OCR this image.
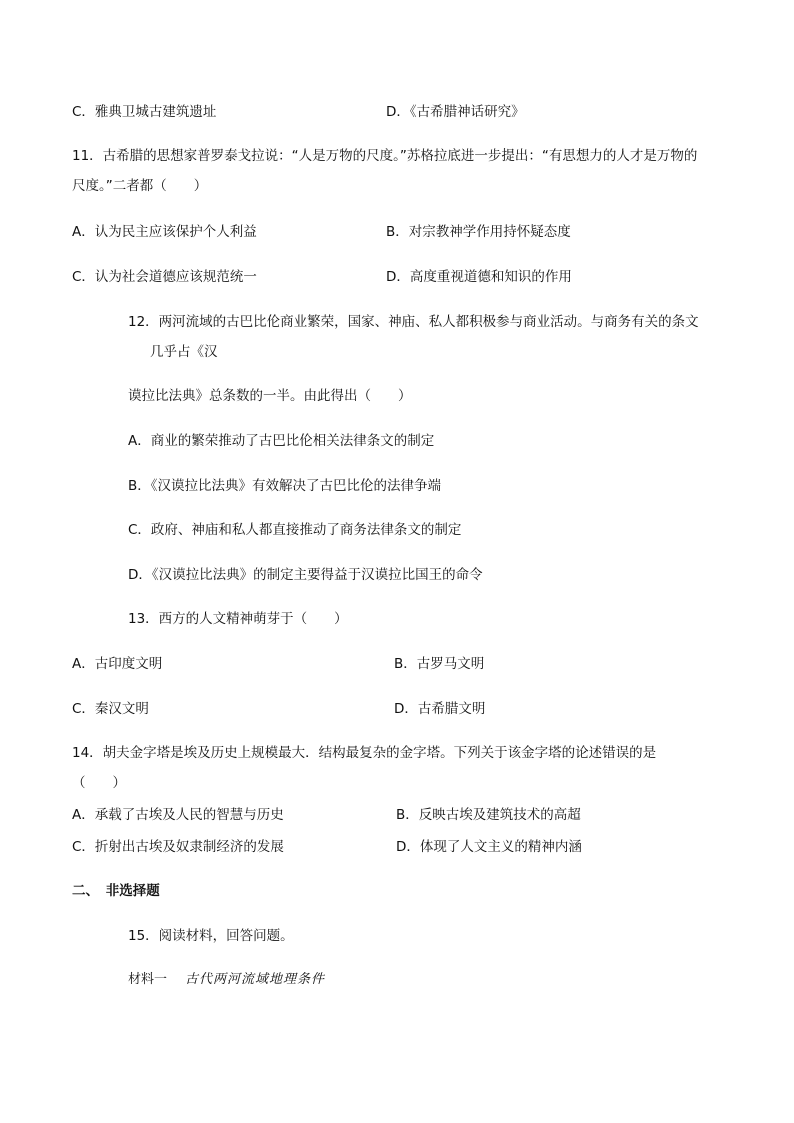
C．雅典卫城古建筑遗址	D．《古希腊神话研究》
11．古希腊的思想家普罗泰戈拉说：“人是万物的尺度。”苏格拉底进一步提出：“有思想力的人才是万物的
尺度。”二者都（　　）
A．认为民主应该保护个人利益	B．对宗教神学作用持怀疑态度
C．认为社会道德应该规范统一	D．高度重视道德和知识的作用
12．两河流域的古巴比伦商业繁荣，国家、神庙、私人都积极参与商业活动。与商务有关的条文
几乎占《汉
谟拉比法典》总条数的一半。由此得出（　　）
A．商业的繁荣推动了古巴比伦相关法律条文的制定
B．《汉谟拉比法典》有效解决了古巴比伦的法律争端
C．政府、神庙和私人都直接推动了商务法律条文的制定
D．《汉谟拉比法典》的制定主要得益于汉谟拉比国王的命令
13．西方的人文精神萌芽于（　　）
A．古印度文明	B．古罗马文明
C．秦汉文明	D．古希腊文明
14．胡夫金字塔是埃及历史上规模最大．结构最复杂的金字塔。下列关于该金字塔的论述错误的是
（　　）
A．承载了古埃及人民的智慧与历史	B．反映古埃及建筑技术的高超
C．折射出古埃及奴隶制经济的发展	D．体现了人文主义的精神内涵
二、　非选择题
15．阅读材料，回答问题。
材料一 古代两河流域地理条件
